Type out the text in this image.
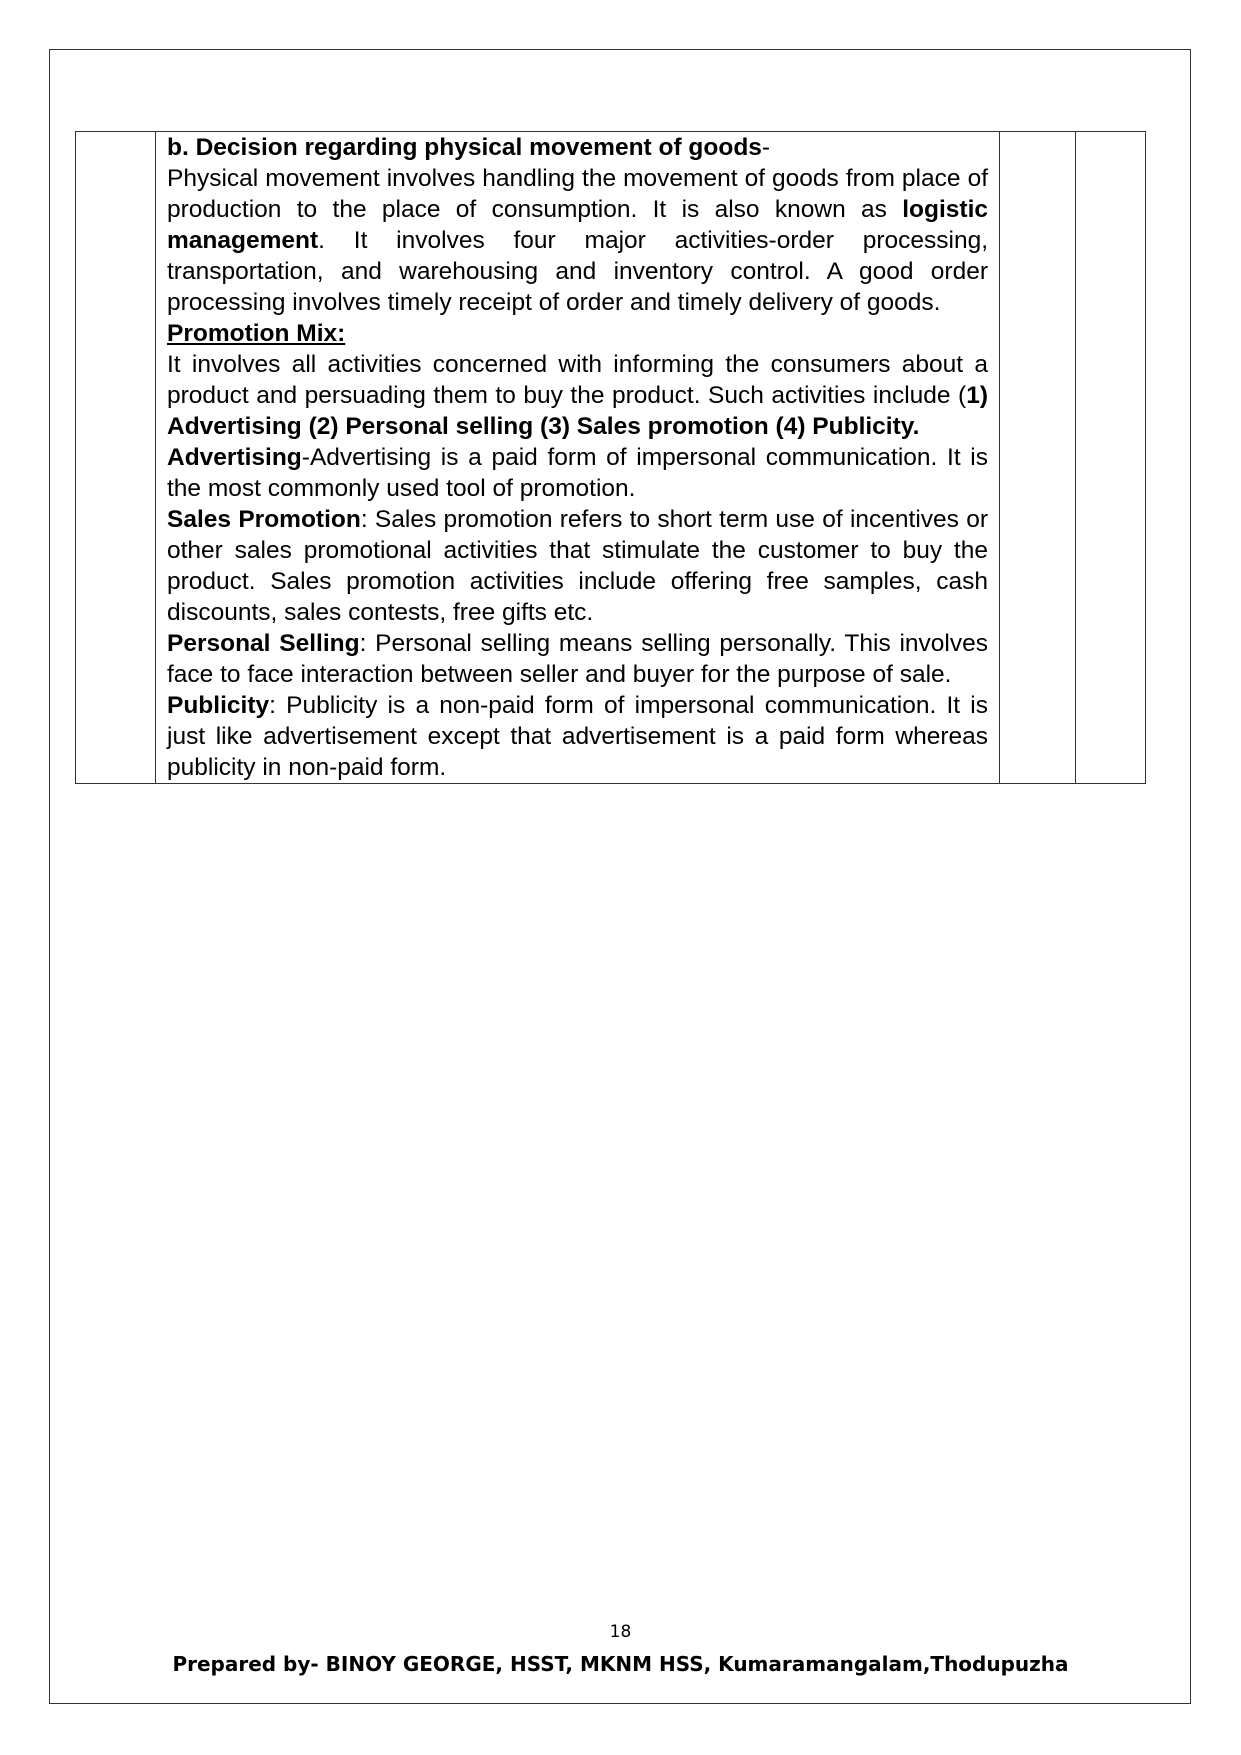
b. Decision regarding physical movement of goods-
Physical movement involves handling the movement of goods from place of production to the place of consumption. It is also known as logistic management. It involves four major activities-order processing, transportation, and warehousing and inventory control. A good order processing involves timely receipt of order and timely delivery of goods.

Promotion Mix:
It involves all activities concerned with informing the consumers about a product and persuading them to buy the product. Such activities include (1) Advertising (2) Personal selling (3) Sales promotion (4) Publicity.

Advertising-Advertising is a paid form of impersonal communication. It is the most commonly used tool of promotion.

Sales Promotion: Sales promotion refers to short term use of incentives or other sales promotional activities that stimulate the customer to buy the product. Sales promotion activities include offering free samples, cash discounts, sales contests, free gifts etc.

Personal Selling: Personal selling means selling personally. This involves face to face interaction between seller and buyer for the purpose of sale.

Publicity: Publicity is a non-paid form of impersonal communication. It is just like advertisement except that advertisement is a paid form whereas publicity in non-paid form.

18
Prepared by- BINOY GEORGE, HSST, MKNM HSS, Kumaramangalam,Thodupuzha
